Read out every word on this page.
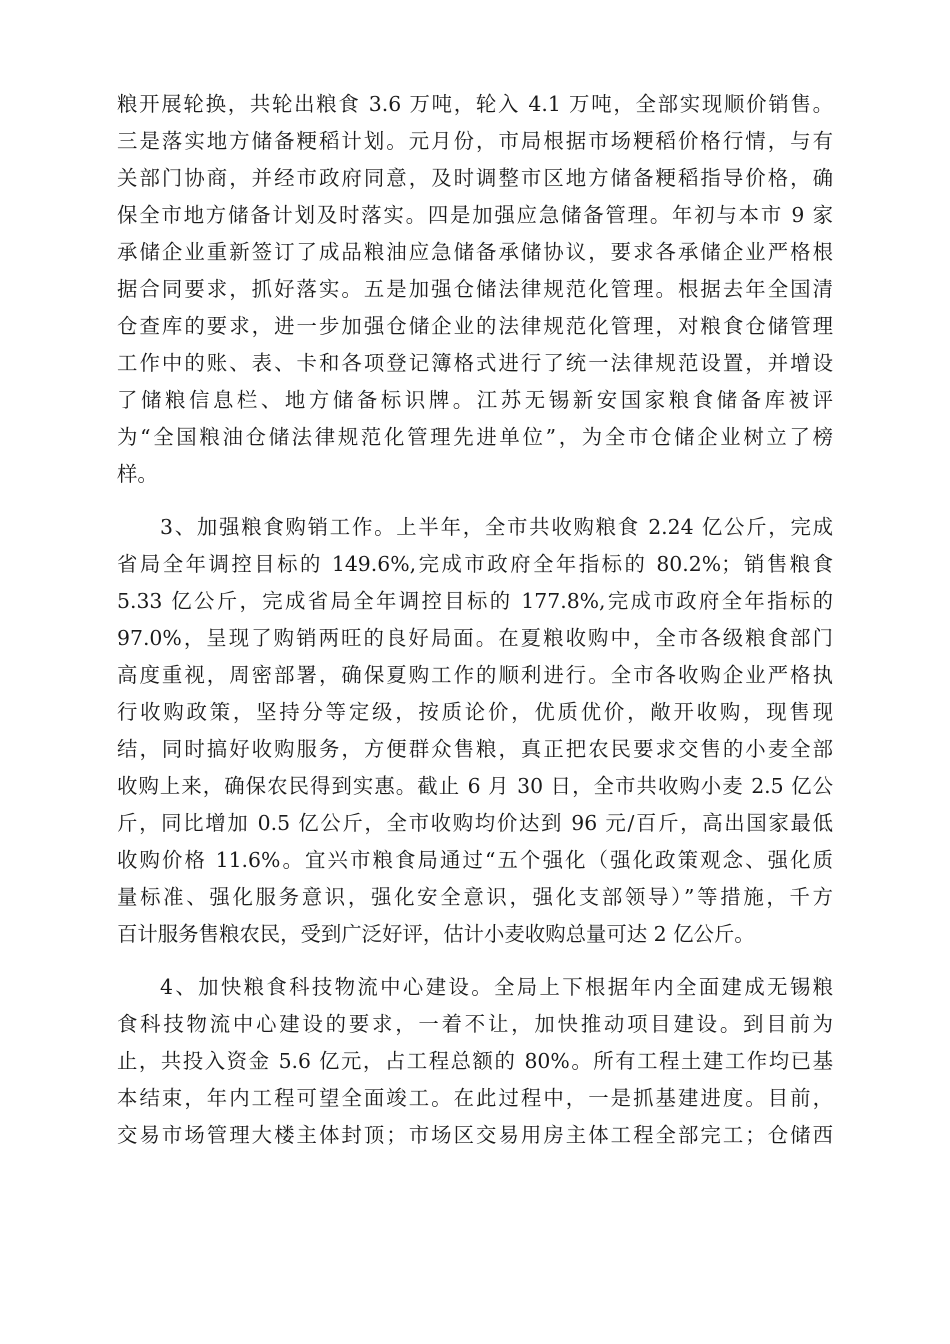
粮开展轮换，共轮出粮食 3.6 万吨，轮入 4.1 万吨，全部实现顺价销售。
三是落实地方储备粳稻计划。元月份，市局根据市场粳稻价格行情，与有
关部门协商，并经市政府同意，及时调整市区地方储备粳稻指导价格，确
保全市地方储备计划及时落实。四是加强应急储备管理。年初与本市 9 家
承储企业重新签订了成品粮油应急储备承储协议，要求各承储企业严格根
据合同要求，抓好落实。五是加强仓储法律规范化管理。根据去年全国清
仓查库的要求，进一步加强仓储企业的法律规范化管理，对粮食仓储管理
工作中的账、表、卡和各项登记簿格式进行了统一法律规范设置，并增设
了储粮信息栏、地方储备标识牌。江苏无锡新安国家粮食储备库被评
为“全国粮油仓储法律规范化管理先进单位”，为全市仓储企业树立了榜
样。
3、加强粮食购销工作。上半年，全市共收购粮食 2.24 亿公斤，完成
省局全年调控目标的 149.6%,完成市政府全年指标的 80.2%；销售粮食
5.33 亿公斤，完成省局全年调控目标的 177.8%,完成市政府全年指标的
97.0%，呈现了购销两旺的良好局面。在夏粮收购中，全市各级粮食部门
高度重视，周密部署，确保夏购工作的顺利进行。全市各收购企业严格执
行收购政策，坚持分等定级，按质论价，优质优价，敞开收购，现售现
结，同时搞好收购服务，方便群众售粮，真正把农民要求交售的小麦全部
收购上来，确保农民得到实惠。截止 6 月 30 日，全市共收购小麦 2.5 亿公
斤，同比增加 0.5 亿公斤，全市收购均价达到 96 元/百斤，高出国家最低
收购价格 11.6%。宜兴市粮食局通过“五个强化（强化政策观念、强化质
量标准、强化服务意识，强化安全意识，强化支部领导）”等措施，千方
百计服务售粮农民，受到广泛好评，估计小麦收购总量可达 2 亿公斤。
4、加快粮食科技物流中心建设。全局上下根据年内全面建成无锡粮
食科技物流中心建设的要求，一着不让，加快推动项目建设。到目前为
止，共投入资金 5.6 亿元，占工程总额的 80%。所有工程土建工作均已基
本结束，年内工程可望全面竣工。在此过程中，一是抓基建进度。目前，
交易市场管理大楼主体封顶；市场区交易用房主体工程全部完工；仓储西
